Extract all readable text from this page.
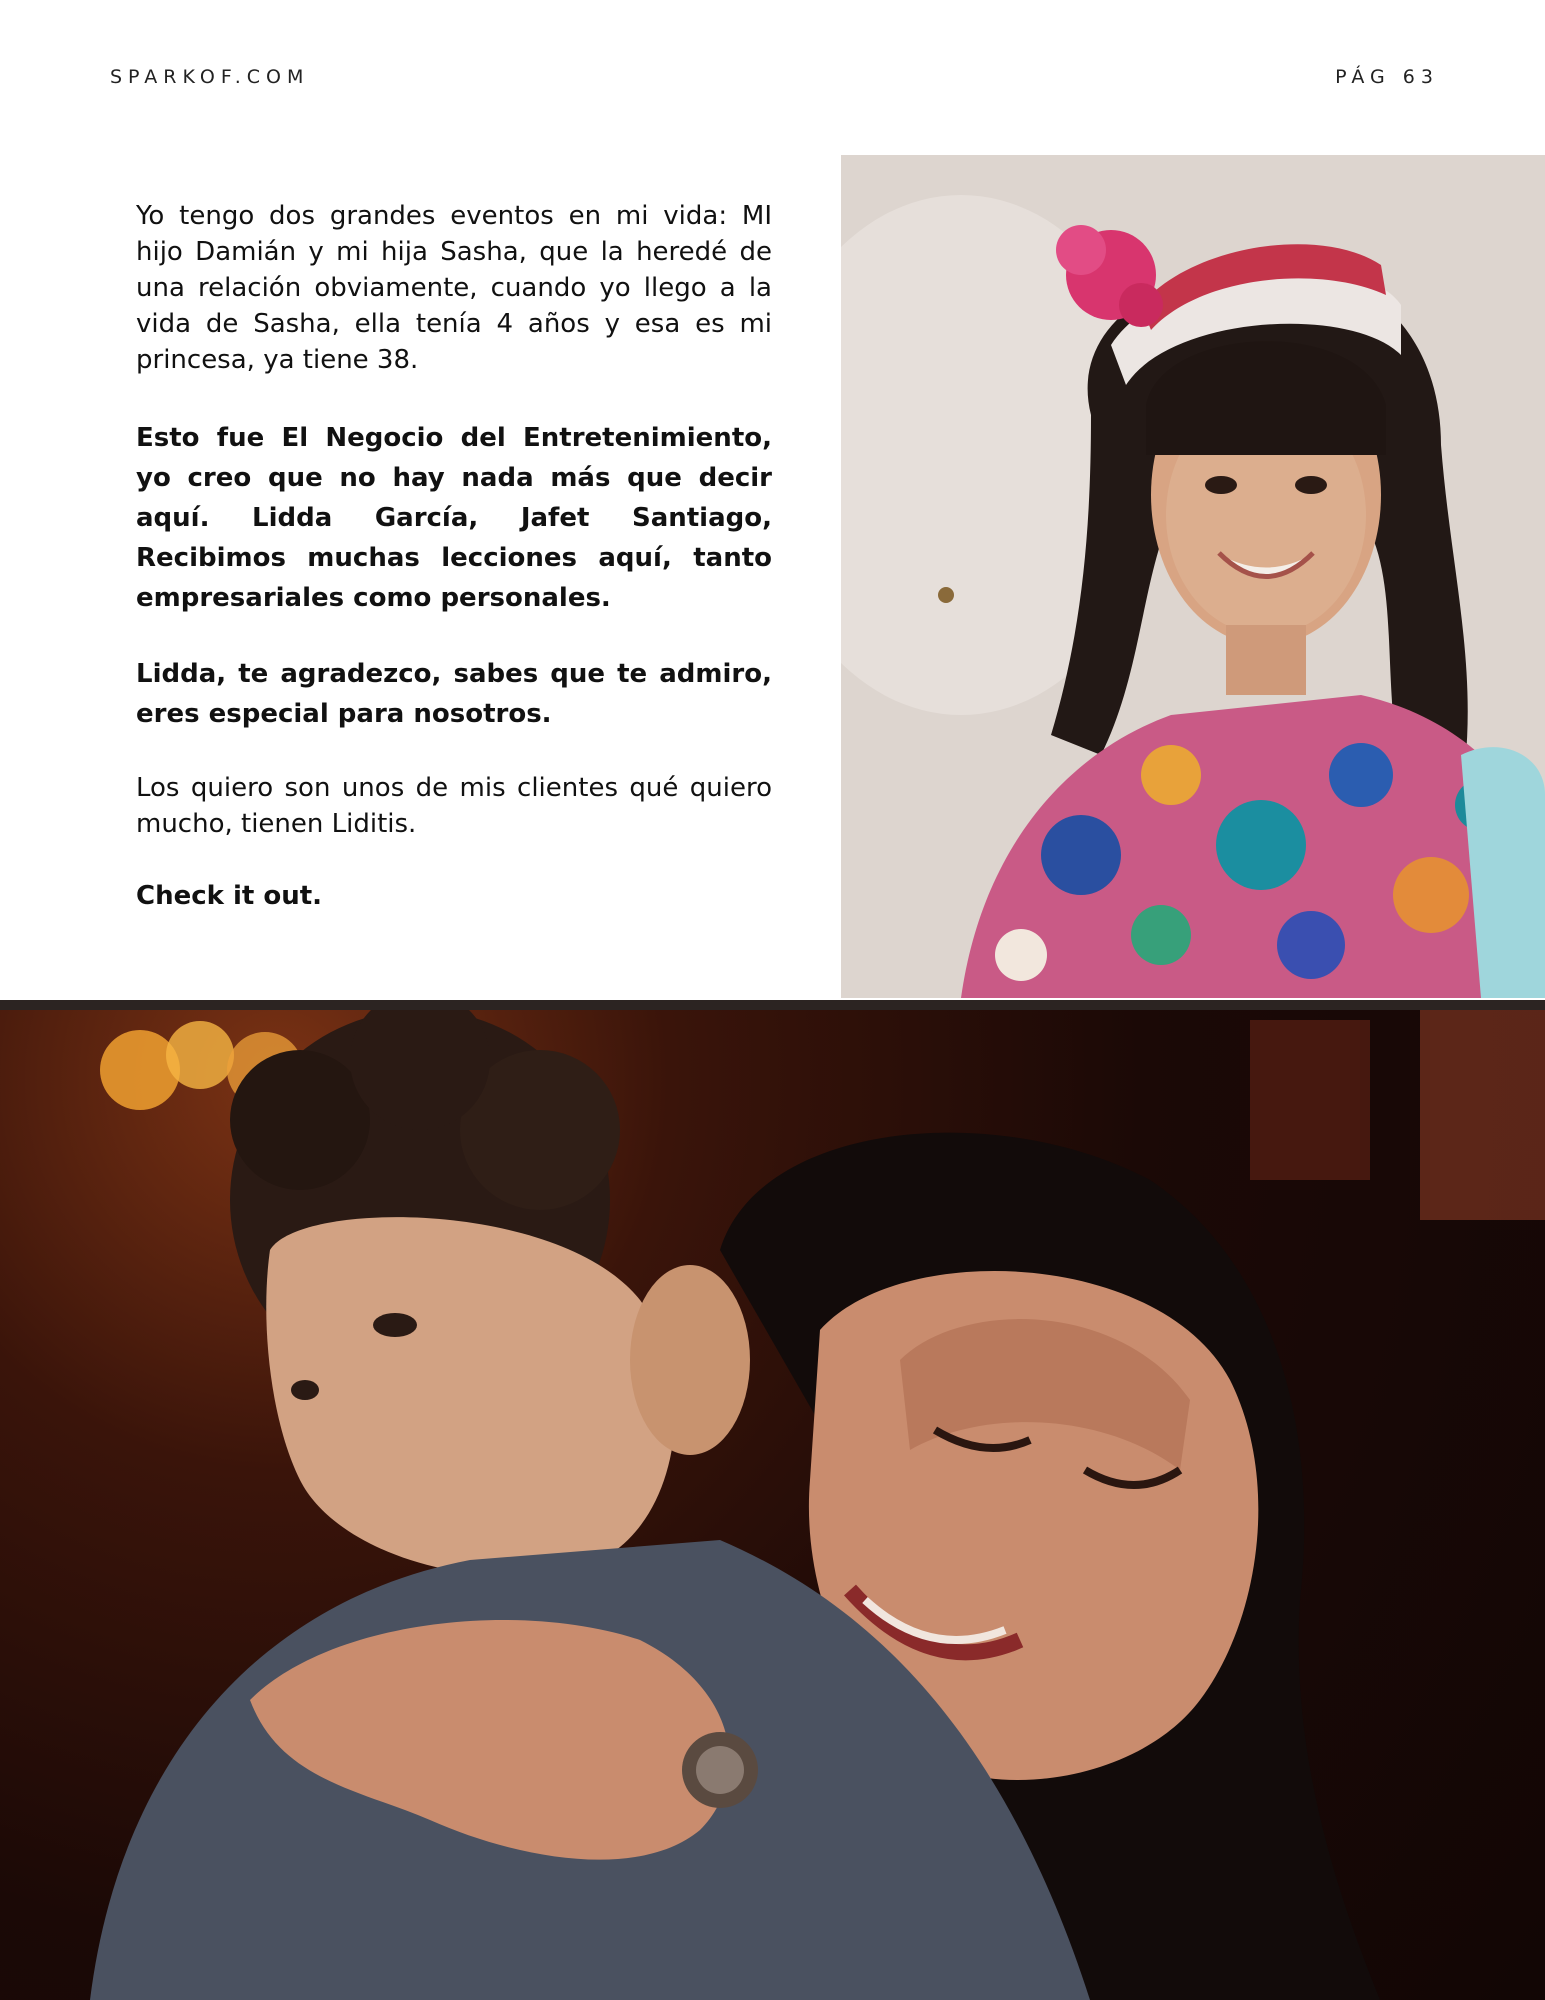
SPARKOF.COM	PÁG 63

Yo tengo dos grandes eventos en mi vida: MI hijo Damián y mi hija Sasha, que la heredé de una relación obviamente, cuando yo llego a la vida de Sasha, ella tenía 4 años y esa es mi princesa, ya tiene 38.

Esto fue El Negocio del Entretenimiento, yo creo que no hay nada más que decir aquí. Lidda García, Jafet Santiago, Recibimos muchas lecciones aquí, tanto empresariales como personales.

Lidda, te agradezco, sabes que te admiro, eres especial para nosotros.

Los quiero son unos de mis clientes qué quiero mucho, tienen Liditis.

Check it out.
